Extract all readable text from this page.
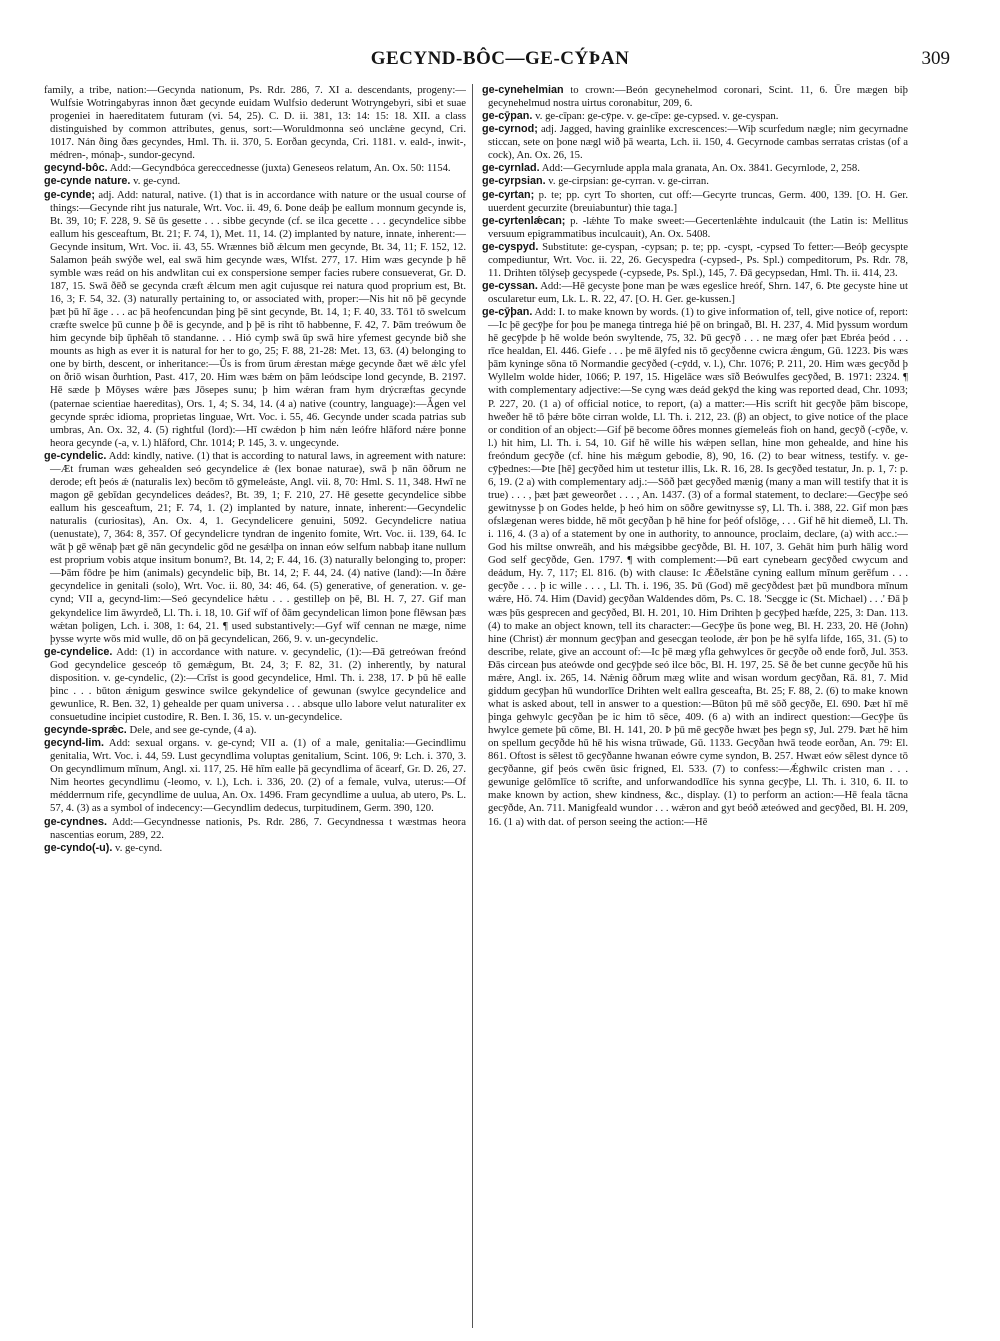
GECYND-BÔC—GE-CÝÞAN	309

family, a tribe, nation:—Gecynda nationum, Ps. Rdr. 286, 7. XI a. descendants, progeny:—Wulfsie Wotringabyras innon ðæt gecynde euidam Wulfsio dederunt Wotryngebyri, sibi et suae progeniei in haereditatem futuram (vi. 54, 25). C. D. ii. 381, 13: 14: 15: 18. XII. a class distinguished by common attributes, genus, sort:—Woruldmonna seó unclǽne gecynd, Cri. 1017. Nán ðing ðæs gecyndes, Hml. Th. ii. 370, 5. Eorðan gecynda, Cri. 1181. v. eald-, inwit-, médren-, mónaþ-, sundor-gecynd.

gecynd-bôc. Add:—Gecyndbóca gereccednesse (juxta) Geneseos relatum, An. Ox. 50: 1154.

ge-cynde nature. v. ge-cynd.

ge-cynde; adj. Add: natural, native. (1) that is in accordance with nature or the usual course of things:—Gecynde riht jus naturale, Wrt. Voc. ii. 49, 6. Þone deáþ þe eallum monnum gecynde is, Bt. 39, 10; F. 228, 9. Sē ūs gesette . . . sibbe gecynde (cf. se ilca gecette . . . gecyndelice sibbe eallum his gesceaftum, Bt. 21; F. 74, 1), Met. 11, 14. (2) implanted by nature, innate, inherent:—Gecynde insitum, Wrt. Voc. ii. 43, 55. Wrænnes bið ǽlcum men gecynde, Bt. 34, 11; F. 152, 12. Salamon þeáh swýðe wel, eal swā him gecynde wæs, Wlfst. 277, 17. Him wæs gecynde þ hē symble wæs reád on his andwlitan cui ex conspersione semper facies rubere consueverat, Gr. D. 187, 15. Swā ðēð se gecynda cræft ǽlcum men agit cujusque rei natura quod proprium est, Bt. 16, 3; F. 54, 32. (3) naturally pertaining to, or associated with, proper:—Nis hit nō þē gecynde þæt þū hī āge . . . ac þā heofencundan þing þē sint gecynde, Bt. 14, 1; F. 40, 33. Tō1 tō swelcum cræfte swelce þū cunne þ ðē is gecynde, and þ þē is riht tō habbenne, F. 42, 7. Þām treówum ðe him gecynde biþ ūphēah tō standanne. . . Hió cymþ swā ūp swā hire yfemest gecynde bið she mounts as high as ever it is natural for her to go, 25; F. 88, 21-28: Met. 13, 63. (4) belonging to one by birth, descent, or inheritance:—Ūs is from ūrum ǽrestan mǽge gecynde ðæt wē ǽlc yfel on ðriō wisan ðurhtion, Past. 417, 20. Him wæs bǽm on þām leódscipe lond gecynde, B. 2197. Hē sæde þ Mōyses wǽre þæs Jōsepes sunu; þ him wǽran fram hym drýcræftas gecynde (paternae scientiae haereditas), Ors. 1, 4; S. 34, 14. (4 a) native (country, language):—Ǡgen vel gecynde sprǽc idioma, proprietas linguae, Wrt. Voc. i. 55, 46. Gecynde under scada patrias sub umbras, An. Ox. 32, 4. (5) rightful (lord):—Hī cwǽdon þ him nǽn leófre hlāford nǽre þonne heora gecynde (-a, v. l.) hlāford, Chr. 1014; P. 145, 3. v. ungecynde.

ge-cyndelic. Add: kindly, native. (1) that is according to natural laws, in agreement with nature:—Æt fruman wæs gehealden seó gecyndelice ǽ (lex bonae naturae), swā þ nān ōðrum ne derode; eft þeós ǽ (naturalis lex) becōm tō gȳmeleáste, Angl. vii. 8, 70: Hml. S. 11, 348. Hwī ne magon gē gebīdan gecyndelices deádes?, Bt. 39, 1; F. 210, 27. Hē gesette gecyndelice sibbe eallum his gesceaftum, 21; F. 74, 1. (2) implanted by nature, innate, inherent:—Gecyndelic naturalis (curiositas), An. Ox. 4, 1. Gecyndelicere genuini, 5092. Gecyndelicre natiua (uenustate), 7, 364: 8, 357. Of gecyndelicre tyndran de ingenito fomite, Wrt. Voc. ii. 139, 64. Ic wāt þ gē wēnaþ þæt gē nān gecyndelic gōd ne gesǽlþa on innan eów selfum nabbaþ itane nullum est proprium vobis atque insitum bonum?, Bt. 14, 2; F. 44, 16. (3) naturally belonging to, proper:—Þām fōdre þe him (animals) gecyndelic biþ, Bt. 14, 2; F. 44, 24. (4) native (land):—In ðǽre gecyndelice in genitali (solo), Wrt. Voc. ii. 80, 34: 46, 64. (5) generative, of generation. v. ge-cynd; VII a, gecynd-lim:—Seó gecyndelice hǽtu . . . gestilleþ on þē, Bl. H. 7, 27. Gif man gekyndelice lim āwyrdeð, Ll. Th. i. 18, 10. Gif wīf of ðām gecyndelican limon þone flēwsan þæs wǽtan þoligen, Lch. i. 308, 1: 64, 21. ¶ used substantively:—Gyf wīf cennan ne mæge, nime þysse wyrte wōs mid wulle, dō on þā gecyndelican, 266, 9. v. un-gecyndelic.

ge-cyndelice. Add: (1) in accordance with nature. v. gecyndelic, (1):—Ðā getreówan freónd God gecyndelice gesceóp tō gemǽgum, Bt. 24, 3; F. 82, 31. (2) inherently, by natural disposition. v. ge-cyndelic, (2):—Crīst is good gecyndelice, Hml. Th. i. 238, 17. Þ þū hē ealle þinc . . . būton ǽnigum geswince swilce gekyndelice of gewunan (swylce gecyndelice and gewunlice, R. Ben. 32, 1) gehealde per quam universa . . . absque ullo labore velut naturaliter ex consuetudine incipiet custodire, R. Ben. I. 36, 15. v. un-gecyndelice.

gecynde-sprǽc. Dele, and see ge-cynde, (4 a).

gecynd-lim. Add: sexual organs. v. ge-cynd; VII a. (1) of a male, genitalia:—Gecindlimu genitalia, Wrt. Voc. i. 44, 59. Lust gecyndlima voluptas genitalium, Scint. 106, 9: Lch. i. 370, 3. On gecyndlimum mīnum, Angl. xi. 117, 25. Hē hīm ealle þā gecyndlima of ācearf, Gr. D. 26, 27. Nim heortes gecyndlimu (-leomo, v. l.), Lch. i. 336, 20. (2) of a female, vulva, uterus:—Of médderrnum rife, gecyndlime de uulua, An. Ox. 1496. Fram gecyndlime a uulua, ab utero, Ps. L. 57, 4. (3) as a symbol of indecency:—Gecyndlim dedecus, turpitudinem, Germ. 390, 120.

ge-cyndnes. Add:—Gecyndnesse nationis, Ps. Rdr. 286, 7. Gecyndnessa t wæstmas heora nascentias eorum, 289, 22.

ge-cyndo(-u). v. ge-cynd.

ge-cynehelmian to crown:—Beón gecynehelmod coronari, Scint. 11, 6. Ūre mægen biþ gecynehelmud nostra uirtus coronabitur, 209, 6.

ge-cȳpan. v. ge-cīpan: ge-cȳpe. v. ge-cīpe: ge-cypsed. v. ge-cyspan.

ge-cyrnod; adj. Jagged, having grainlike excrescences:—Wiþ scurfedum nægle; nim gecyrnadne sticcan, sete on þone nægl wið þā wearta, Lch. ii. 150, 4. Gecyrnode cambas serratas cristas (of a cock), An. Ox. 26, 15.

ge-cyrnlad. Add:—Gecyrnlude appla mala granata, An. Ox. 3841. Gecyrnlode, 2, 258.

ge-cyrpsian. v. ge-cirpsian: ge-cyrran. v. ge-cirran.

ge-cyrtan; p. te; pp. cyrt To shorten, cut off:—Gecyrte truncas, Germ. 400, 139. [O. H. Ger. uuerdent gecurzite (breuiabuntur) thie taga.]

ge-cyrtenlǽcan; p. -lǽhte To make sweet:—Gecertenlǽhte indulcauit (the Latin is: Mellitus versuum epigrammatibus inculcauit), An. Ox. 5408.

ge-cyspyd. Substitute: ge-cyspan, -cypsan; p. te; pp. -cyspt, -cypsed To fetter:—Beóþ gecyspte compediuntur, Wrt. Voc. ii. 22, 26. Gecyspedra (-cypsed-, Ps. Spl.) compeditorum, Ps. Rdr. 78, 11. Drihten tōlýseþ gecyspede (-cypsede, Ps. Spl.), 145, 7. Ðā gecypsedan, Hml. Th. ii. 414, 23.

ge-cyssan. Add:—Hē gecyste þone man þe wæs egeslice hreóf, Shrn. 147, 6. Þte gecyste hine ut oscularetur eum, Lk. L. R. 22, 47. [O. H. Ger. ge-kussen.]

ge-cȳþan. Add: I. to make known by words. (1) to give information of, tell, give notice of, report:—Ic þē gecȳþe for þou þe manega tintrega hié þē on bringað, Bl. H. 237, 4. Mid þyssum wordum hē gecȳþde þ hē wolde beón swyltende, 75, 32. Þū gecȳð . . . ne mæg ofer þæt Ebréa þeód . . . rīce healdan, El. 446. Giefe . . . þe mē ālȳfed nis tō gecȳðenne cwicra ǽngum, Gū. 1223. Þis wæs þām kyninge sōna tō Normandie gecȳðed (-cȳdd, v. l.), Chr. 1076; P. 211, 20. Him wæs gecȳðd þ Wyllelm wolde hider, 1066; P. 197, 15. Higelāce wæs sīð Beówulfes gecȳðed, B. 1971: 2324. ¶ with complementary adjective:—Se cyng wæs deád gekȳd the king was reported dead, Chr. 1093; P. 227, 20. (1 a) of official notice, to report, (a) a matter:—His scrift hit gecȳðe þām biscope, hweðer hē tō þǽre bōte cirran wolde, Ll. Th. i. 212, 23. (β) an object, to give notice of the place or condition of an object:—Gif þē become ōðres monnes gíemeleás fioh on hand, gecȳð (-cȳðe, v. l.) hit him, Ll. Th. i. 54, 10. Gif hē wille his wǽpen sellan, hine mon gehealde, and hine his freóndum gecȳðe (cf. hine his mǽgum gebodie, 8), 90, 16. (2) to bear witness, testify. v. ge-cȳþednes:—Þte [hē] gecȳðed him ut testetur illis, Lk. R. 16, 28. Is gecȳðed testatur, Jn. p. 1, 7: p. 6, 19. (2 a) with complementary adj.:—Sōð þæt gecȳðed mænig (many a man will testify that it is true) . . . , þæt þæt geweorðet . . . , An. 1437. (3) of a formal statement, to declare:—Gecȳþe seó gewitnysse þ on Godes helde, þ heó him on sōðre gewitnysse sȳ, Ll. Th. i. 388, 22. Gif mon þæs ofslægenan weres bidde, hē mōt gecȳðan þ hē hine for þeóf ofslōge, . . . Gif hē hit diemeð, Ll. Th. i. 116, 4. (3 a) of a statement by one in authority, to announce, proclaim, declare, (a) with acc.:—God his miltse onwreāh, and his mǽgsibbe gecȳðde, Bl. H. 107, 3. Gehāt him þurh hālig word God self gecȳðde, Gen. 1797. ¶ with complement:—Þū eart cynebearn gecȳðed cwycum and deádum, Hy. 7, 117; El. 816. (b) with clause: Ic Ǽðelstāne cyning eallum mīnum gerēfum . . . gecȳðe . . . þ ic wille . . . , Ll. Th. i. 196, 35. Þū (God) mē gecȳðdest þæt þū mundbora mīnum wǽre, Hö. 74. Him (David) gecȳðan Waldendes dōm, Ps. C. 18. 'Secgge ic (St. Michael) . . .' Ðā þ wæs þūs gesprecen and gecȳðed, Bl. H. 201, 10. Him Drihten þ gecȳþed hæfde, 225, 3: Dan. 113. (4) to make an object known, tell its character:—Gecȳþe ūs þone weg, Bl. H. 233, 20. Hē (John) hine (Christ) ǽr monnum gecȳþan and gesecgan teolode, ǽr þon þe hē sylfa lifde, 165, 31. (5) to describe, relate, give an account of:—Ic þē mæg yfla gehwylces ōr gecȳðe oð ende forð, Jul. 353. Ðās circean þus ateówde ond gecȳþde seó ilce bōc, Bl. H. 197, 25. Sē ðe bet cunne gecȳðe hū his mǽre, Angl. ix. 265, 14. Nǽnig ōðrum mæg wlite and wisan wordum gecȳðan, Rā. 81, 7. Mid giddum gecȳþan hū wundorlīce Drihten welt eallra gesceafta, Bt. 25; F. 88, 2. (6) to make known what is asked about, tell in answer to a question:—Būton þū mē sōð gecȳðe, El. 690. Þæt hī mē þinga gehwylc gecȳðan þe ic him tō sēce, 409. (6 a) with an indirect question:—Gecȳþe ūs hwylce gemete þū cōme, Bl. H. 141, 20. Þ þū mē gecȳðe hwæt þes þegn sȳ, Jul. 279. Þæt hē him on spellum gecȳðde hū hē his wisna trūwade, Gū. 1133. Gecȳðan hwā teode eorðan, An. 79: El. 861. Oftost is sēlest tō gecȳðanne hwanan eówre cyme syndon, B. 257. Hwæt eów sēlest dynce tō gecȳðanne, gif þeós cwēn ūsic frigned, El. 533. (7) to confess:—Ǽghwilc cristen man . . . gewunige gelōmlīce tō scrifte, and unforwandodlīce his synna gecȳþe, Ll. Th. i. 310, 6. II. to make known by action, shew kindness, &c., display. (1) to perform an action:—Hē feala tācna gecȳðde, An. 711. Manigfeald wundor . . . wǽron and gyt beóð æteówed and gecȳðed, Bl. H. 209, 16. (1 a) with dat. of person seeing the action:—Hē
